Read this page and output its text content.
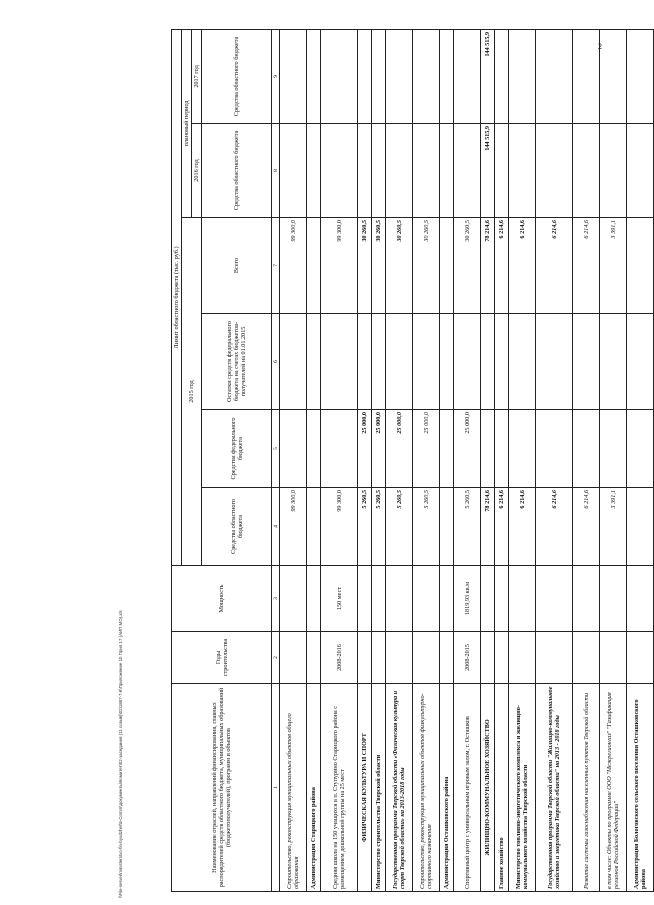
2
Наименование отраслей, направлений финансирования, главных распорядителей средств областного бюджета, муниципальных образований (бюджетополучателей), программ и объектов	Годы строительства	Мощность	Лимит областного бюджета (тыс. руб.)					
			2015 год				плановый период	
							2016 год	2017 год
			Средства областного бюджета	Средства федерального бюджета	Остатки средств федерального бюджета на счетах бюджетов-получателей на 01.01.2015	Всего	Средства областного бюджета	Средства областного бюджета
1	2	3	4	5	6	7	8	9
Строительство, реконструкция муниципальных объектов общего образования			99 300,0			99 300,0		
Администрация Старицкого района								
Средняя школа на 150 учащихся в п. Ступурино Старицкого района с размещением дошкольной группы на 25 мест	2008-2016	150 мест	99 300,0			99 300,0		
ФИЗИЧЕСКАЯ КУЛЬТУРА И СПОРТ			5 260,5	25 000,0		30 260,5		
Министерство строительства Тверской области			5 260,5	25 000,0		30 260,5		
Государственная программа Тверской области «Физическая культура и спорт Тверской области» на 2013-2018 годы			5 260,5	25 000,0		30 260,5		
Строительство, реконструкция муниципальных объектов физкультурно-спортивного назначения			5 260,5	25 000,0		30 260,5		
Администрация Осташковского района								
Спортивный центр с универсальным игровым залом, г. Осташков	2008-2015	1819,93 кв.м	5 260,5	25 000,0		30 260,5		
ЖИЛИЩНО-КОММУНАЛЬНОЕ ХОЗЯЙСТВО			78 214,6			78 214,6	144 515,9	144 515,9
Главное хозяйство			6 214,6			6 214,6		
Министерство топливно-энергетического комплекса и жилищно-коммунального хозяйства Тверской области			6 214,6			6 214,6		
Государственная программа Тверской области "Жилищно-коммунальное хозяйство и энергетика Тверской области" на 2013 - 2018 годы			6 214,6			6 214,6		
Развитие системы газоснабжения населенных пунктов Тверской области			6 214,6			6 214,6		
в том числе: Объекты по программе ООО "Межрегионгаз" "Газификация регионов Российской Федерации"			3 391,1			3 391,1		
Администрация Бологовского сельского поселения Осташковского района								
\\File-server\ministerstvo-fin-byudzhet\5-Comm\документы\Комитет\02-заседания (11 созыв)\02\1887-7-8\Приложение 10 Прил 17 (АИП МО).xls
